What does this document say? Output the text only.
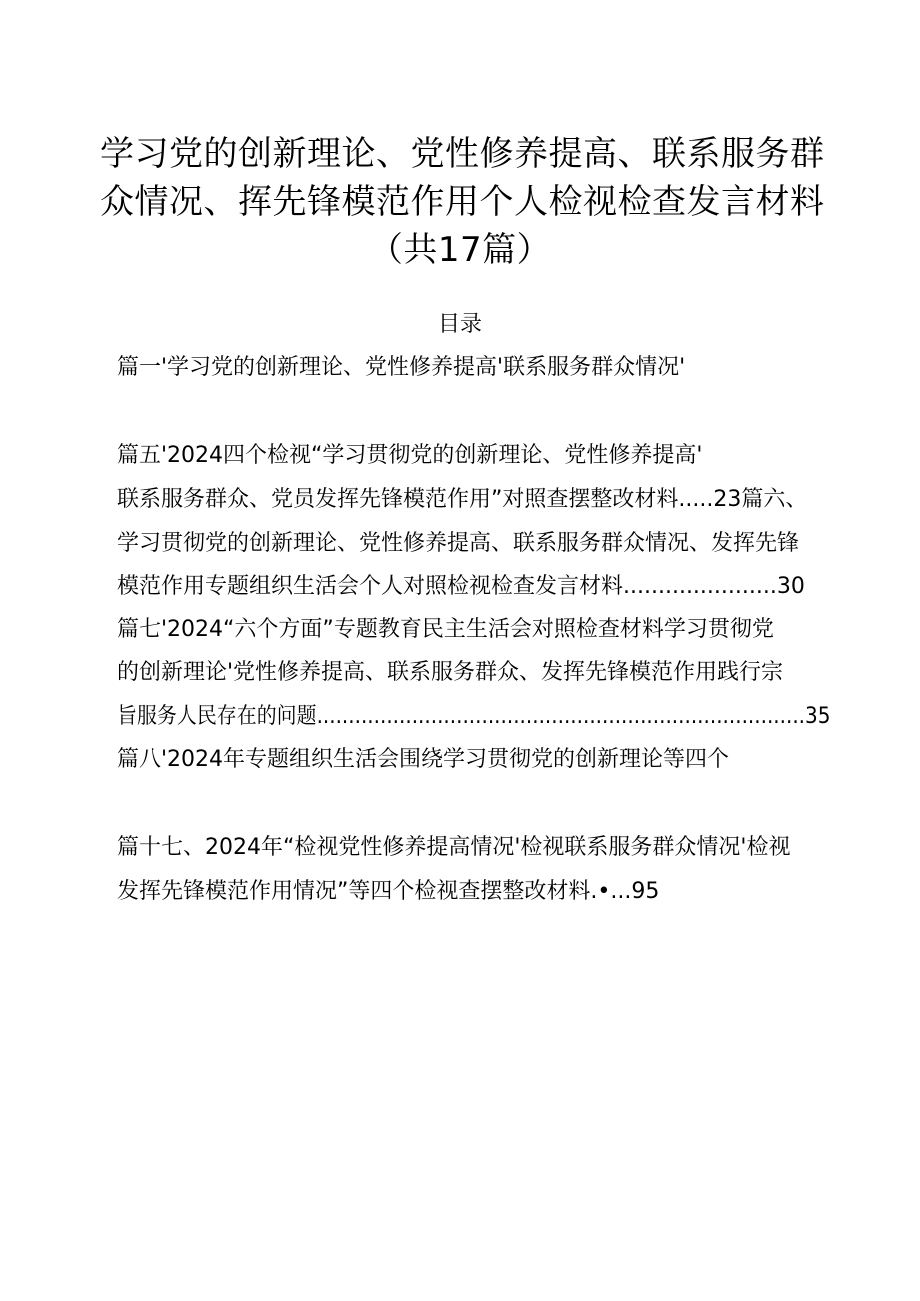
学习党的创新理论、党性修养提高、联系服务群
众情况、挥先锋模范作用个人检视检查发言材料
（共17篇）
目录
篇一'学习党的创新理论、党性修养提高'联系服务群众情况'
篇五'2024四个检视“学习贯彻党的创新理论、党性修养提高'
联系服务群众、党员发挥先锋模范作用”对照查摆整改材料.....23篇六、
学习贯彻党的创新理论、党性修养提高、联系服务群众情况、发挥先锋
模范作用专题组织生活会个人对照检视检查发言材料......................30
篇七'2024“六个方面”专题教育民主生活会对照检查材料学习贯彻党
的创新理论'党性修养提高、联系服务群众、发挥先锋模范作用践行宗
旨服务人民存在的问题.............................................................................35
篇八'2024年专题组织生活会围绕学习贯彻党的创新理论等四个
篇十七、2024年“检视党性修养提高情况'检视联系服务群众情况'检视
发挥先锋模范作用情况”等四个检视查摆整改材料.•...95
